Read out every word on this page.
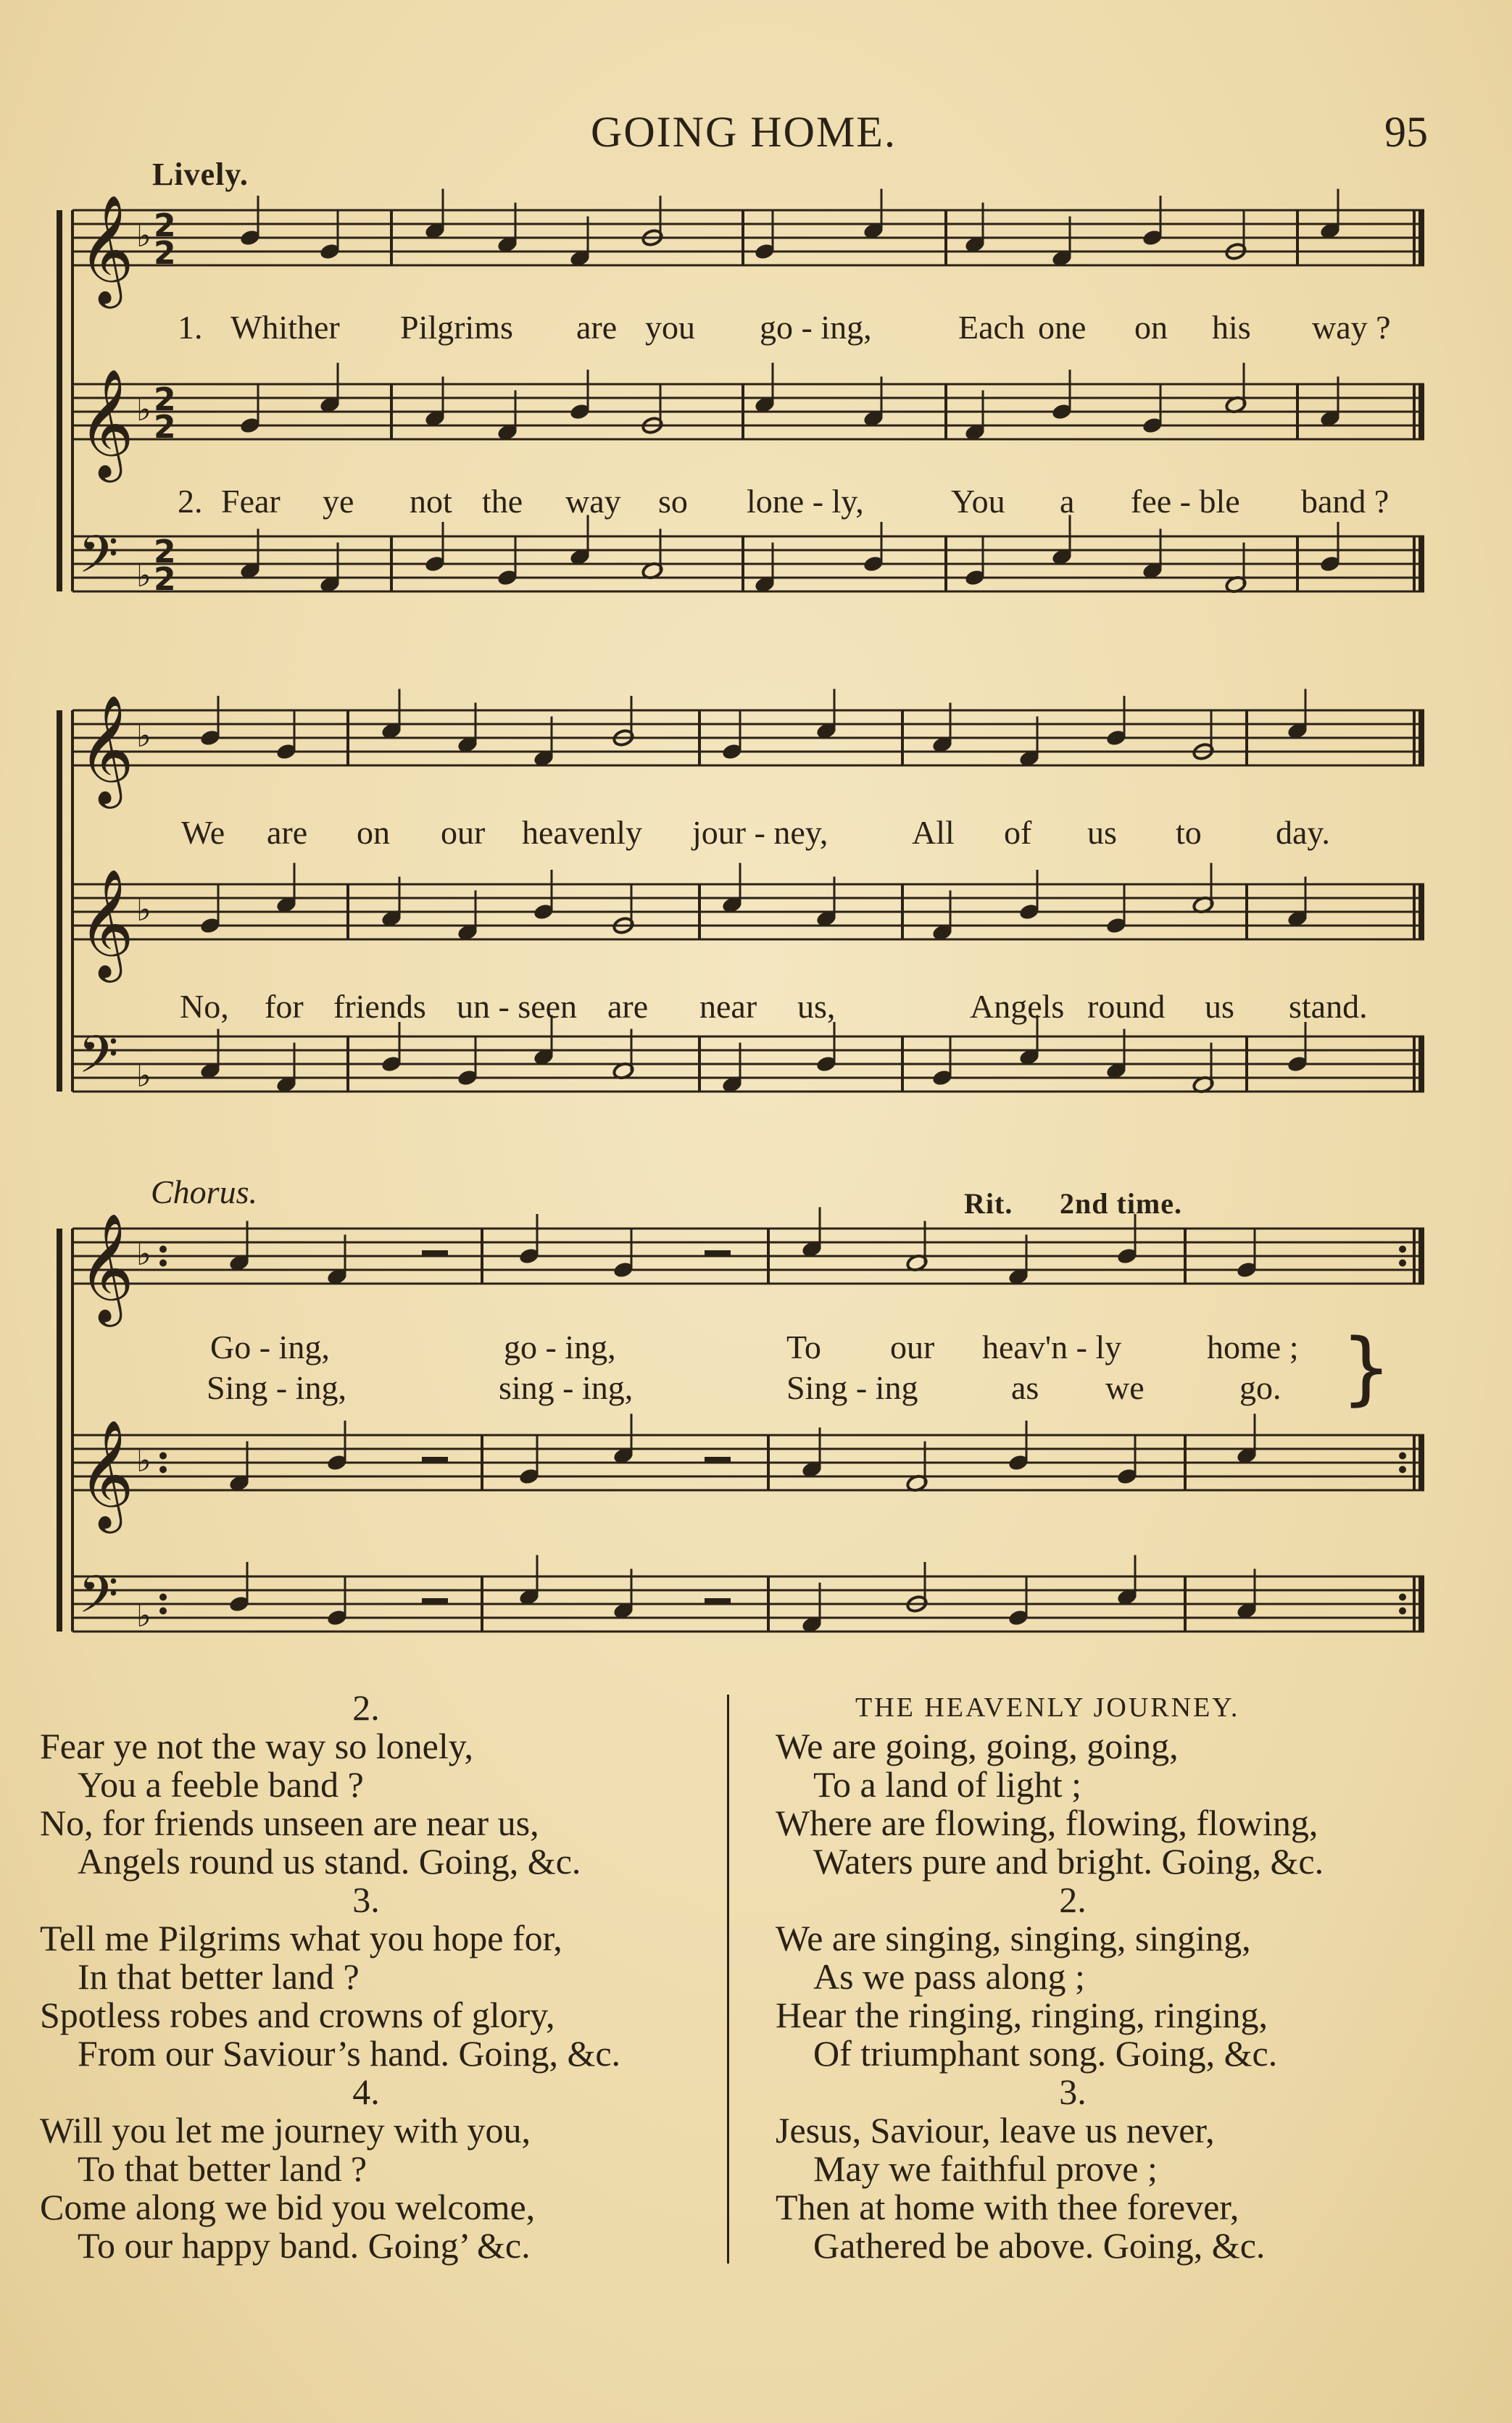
GOING HOME.	95
Lively.
𝄞 ♭ 2
2
𝄞 ♭ 2
2
𝄢 ♭
2
2
𝄞 ♭
𝄞 ♭
𝄢 ♭
𝄞 ♭
𝄞 ♭
𝄢 ♭
}
1. Whither Pilgrims are you go - ing,	Each one on his way ?
2. Fear ye not the way so lone - ly,	You a fee - ble band ?
We are on our heavenly jour - ney,	All of us to day.
No, for friends un - seen are near us,	Angels round us stand.
Chorus.	Rit. 2nd time.
Go - ing,	go - ing,	To our heav'n - ly	home ;
Sing - ing,	sing - ing,	Sing - ing	as we	go.
2.
Fear ye not the way so lonely,
You a feeble band ?
No, for friends unseen are near us,
Angels round us stand. Going, &c.
3.
Tell me Pilgrims what you hope for,
In that better land ?
Spotless robes and crowns of glory,
From our Saviour’s hand. Going, &c.
4.
Will you let me journey with you,
To that better land ?
Come along we bid you welcome,
To our happy band. Going’ &c.
THE HEAVENLY JOURNEY.
We are going, going, going,
To a land of light ;
Where are flowing, flowing, flowing,
Waters pure and bright. Going, &c.
2.
We are singing, singing, singing,
As we pass along ;
Hear the ringing, ringing, ringing,
Of triumphant song. Going, &c.
3.
Jesus, Saviour, leave us never,
May we faithful prove ;
Then at home with thee forever,
Gathered be above. Going, &c.
